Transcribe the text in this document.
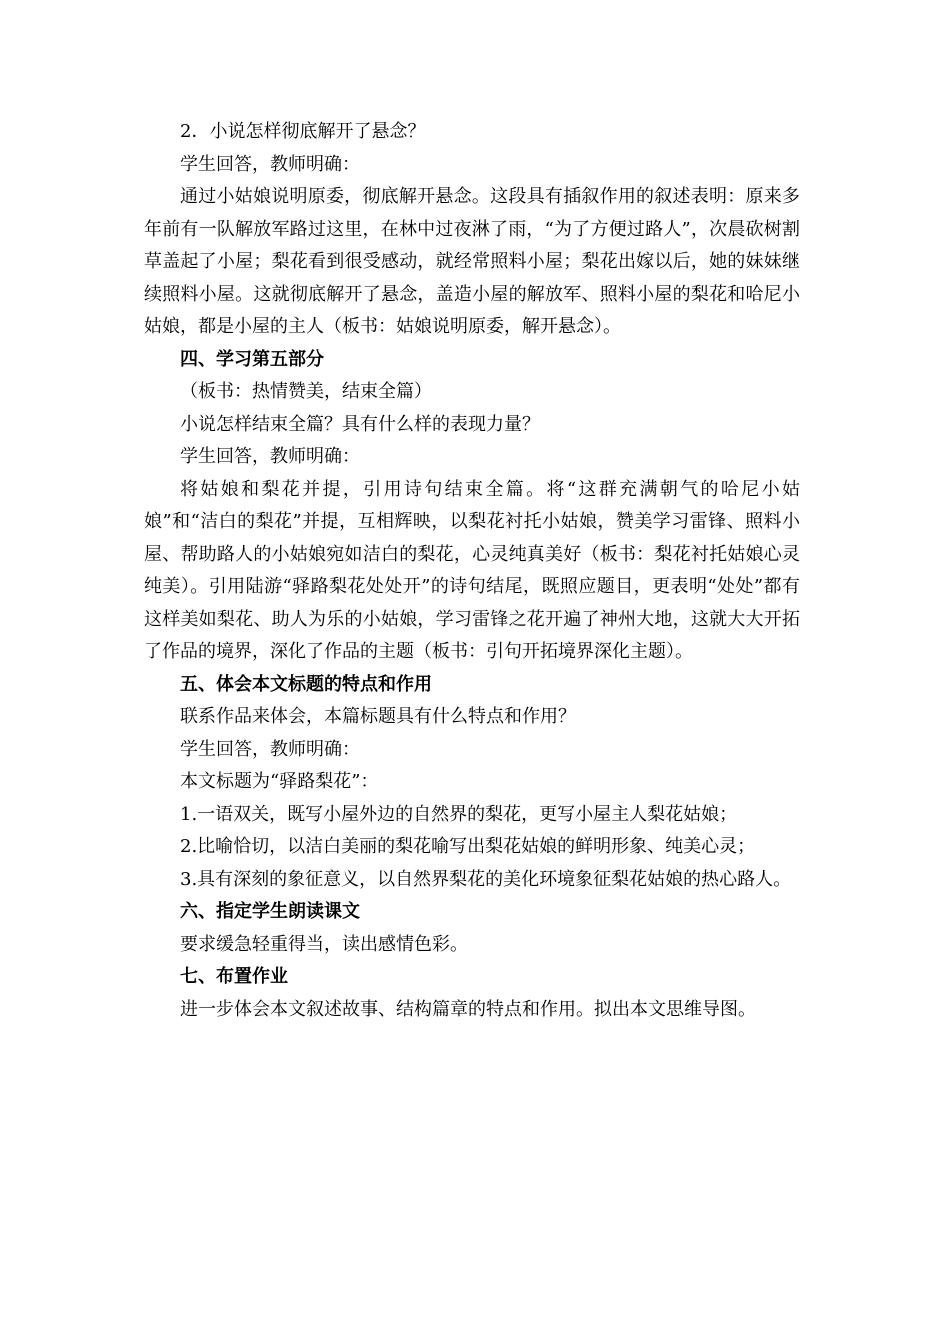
2．小说怎样彻底解开了悬念？

学生回答，教师明确：

通过小姑娘说明原委，彻底解开悬念。这段具有插叙作用的叙述表明：原来多年前有一队解放军路过这里，在林中过夜淋了雨，“为了方便过路人”，次晨砍树割草盖起了小屋；梨花看到很受感动，就经常照料小屋；梨花出嫁以后，她的妹妹继续照料小屋。这就彻底解开了悬念，盖造小屋的解放军、照料小屋的梨花和哈尼小姑娘，都是小屋的主人（板书：姑娘说明原委，解开悬念）。

四、学习第五部分

（板书：热情赞美，结束全篇）

小说怎样结束全篇？具有什么样的表现力量？

学生回答，教师明确：

将姑娘和梨花并提，引用诗句结束全篇。将“这群充满朝气的哈尼小姑娘”和“洁白的梨花”并提，互相辉映，以梨花衬托小姑娘，赞美学习雷锋、照料小屋、帮助路人的小姑娘宛如洁白的梨花，心灵纯真美好（板书：梨花衬托姑娘心灵纯美）。引用陆游“驿路梨花处处开”的诗句结尾，既照应题目，更表明“处处”都有这样美如梨花、助人为乐的小姑娘，学习雷锋之花开遍了神州大地，这就大大开拓了作品的境界，深化了作品的主题（板书：引句开拓境界深化主题）。

五、体会本文标题的特点和作用

联系作品来体会，本篇标题具有什么特点和作用？

学生回答，教师明确：

本文标题为“驿路梨花”：

1.一语双关，既写小屋外边的自然界的梨花，更写小屋主人梨花姑娘；

2.比喻恰切，以洁白美丽的梨花喻写出梨花姑娘的鲜明形象、纯美心灵；

3.具有深刻的象征意义，以自然界梨花的美化环境象征梨花姑娘的热心路人。

六、指定学生朗读课文

要求缓急轻重得当，读出感情色彩。

七、布置作业

进一步体会本文叙述故事、结构篇章的特点和作用。拟出本文思维导图。
